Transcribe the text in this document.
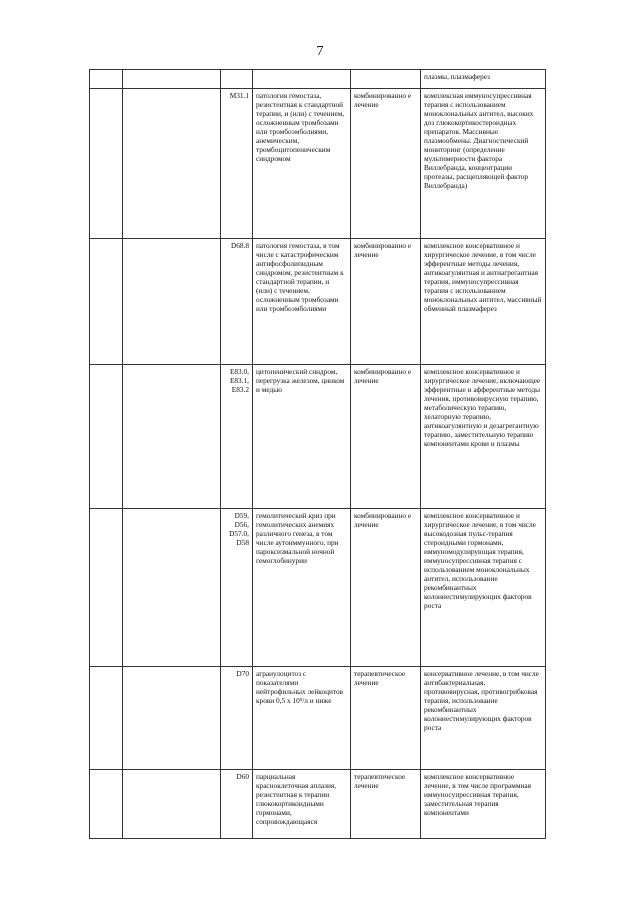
7
					плазмы, плазмаферез
		M31.1	патология гемостаза, резистентная к стандартной терапии, и (или) с течением, осложненным тромбозами или тромбоэмболиями, анемическим, тромбоцитопеническим синдромом	комбинированно е лечение	комплексная иммуносупрессивная терапия с использованием моноклональных антител, высоких доз глюкокортикостероидных препаратов. Массивные плазмообмены. Диагностический мониторинг (определение мультимерности фактора Виллебранда, концентрации протеазы, расщепляющей фактор Виллебранда)
		D68.8	патология гемостаза, в том числе с катастрофическим антифосфолипидным синдромом, резистентным к стандартной терапии, и (или) с течением, осложненным тромбозами или тромбоэмболиями	комбинированно е лечение	комплексное консервативное и хирургическое лечение, в том числе эфферентные методы лечения, антикоагулянтная и антиагрегантная терапия, иммуносупрессивная терапия с использованием моноклональных антител, массивный обменный плазмаферез
		E83.0, E83.1, E83.2	цитопенический синдром, перегрузка железом, цинком и медью	комбинированно е лечение	комплексное консервативное и хирургическое лечение, включающее эфферентные и афферентные методы лечения, противовирусную терапию, метаболическую терапию, хелаторную терапию, антикоагулянтную и дезагрегантную терапию, заместительную терапию компонентами крови и плазмы
		D59, D56, D57.0, D58	гемолитический криз при гемолитических анемиях различного генеза, в том числе аутоиммунного, при пароксизмальной ночной гемоглобинурии	комбинированно е лечение	комплексное консервативное и хирургическое лечение, в том числе высокодозная пульс-терапия стероидными гормонами, иммуномодулирующая терапия, иммуносупрессивная терапия с использованием моноклональных антител, использование рекомбинантных колониестимулирующих факторов роста
		D70	агранулоцитоз с показателями нейтрофильных лейкоцитов крови 0,5 x 10⁹/л и ниже	терапевтическое лечение	консервативное лечение, в том числе антибактериальная, противовирусная, противогрибковая терапия, использование рекомбинантных колониестимулирующих факторов роста
		D60	парциальная красноклеточная аплазия, резистентная к терапии глюкокортикоидными гормонами, сопровождающаяся	терапевтическое лечение	комплексное консервативное лечение, в том числе программная иммуносупрессивная терапия, заместительная терапия компонентами
